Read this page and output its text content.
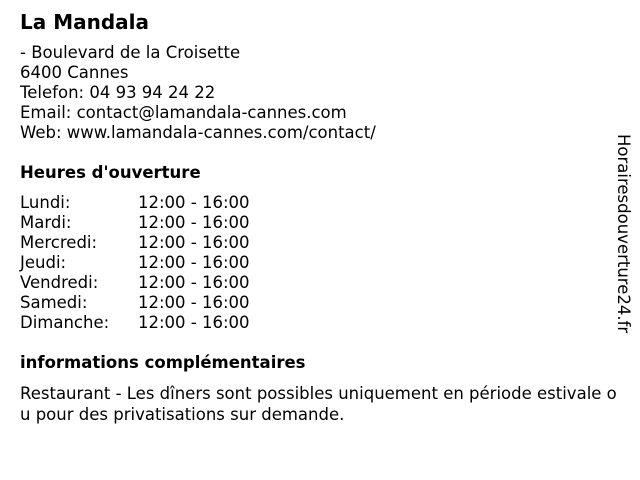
La Mandala
- Boulevard de la Croisette
6400 Cannes
Telefon: 04 93 94 24 22
Email: contact@lamandala-cannes.com
Web: www.lamandala-cannes.com/contact/
Heures d'ouverture
Lundi:	12:00 - 16:00
Mardi:	12:00 - 16:00
Mercredi:	12:00 - 16:00
Jeudi:	12:00 - 16:00
Vendredi:	12:00 - 16:00
Samedi:	12:00 - 16:00
Dimanche:	12:00 - 16:00
informations complémentaires
Restaurant - Les dîners sont possibles uniquement en période estivale ou pour des privatisations sur demande.
Horairesdouverture24.fr
